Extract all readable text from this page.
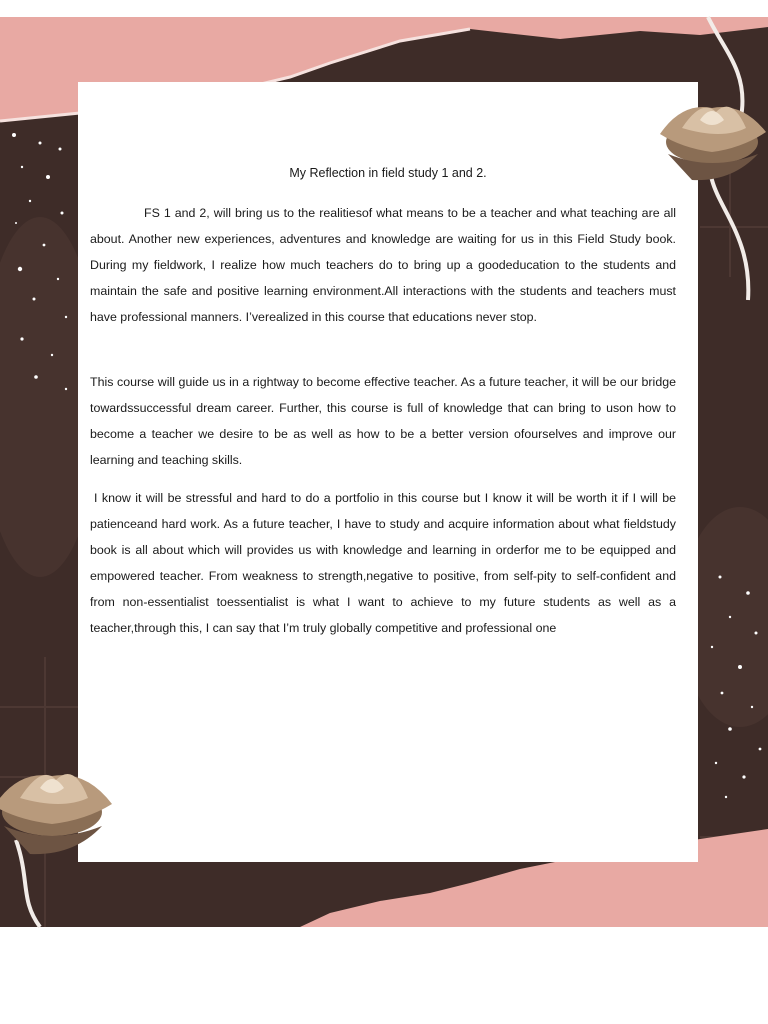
My Reflection in field study 1 and 2.

FS 1 and 2, will bring us to the realitiesof what means to be a teacher and what teaching are all about. Another new experiences, adventures and knowledge are waiting for us in this Field Study book. During my fieldwork, I realize how much teachers do to bring up a goodeducation to the students and maintain the safe and positive learning environment.All interactions with the students and teachers must have professional manners. I’verealized in this course that educations never stop.

This course will guide us in a rightway to become effective teacher. As a future teacher, it will be our bridge towardssuccessful dream career. Further, this course is full of knowledge that can bring to uson how to become a teacher we desire to be as well as how to be a better version ofourselves and improve our learning and teaching skills.

I know it will be stressful and hard to do a portfolio in this course but I know it will be worth it if I will be patienceand hard work. As a future teacher, I have to study and acquire information about what fieldstudy book is all about which will provides us with knowledge and learning in orderfor me to be equipped and empowered teacher. From weakness to strength,negative to positive, from self-pity to self-confident and from non-essentialist toessentialist is what I want to achieve to my future students as well as a teacher,through this, I can say that I’m truly globally competitive and professional one
